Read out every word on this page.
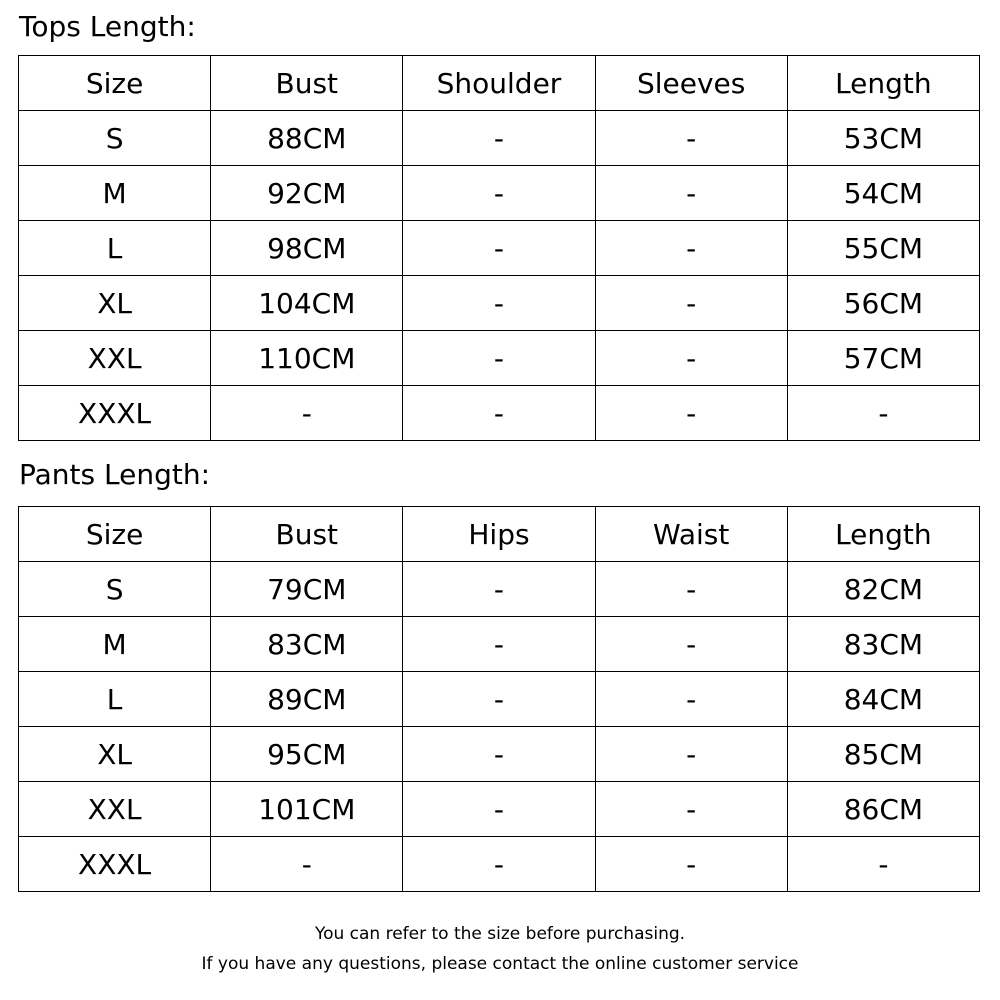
Tops Length:
Size	Bust	Shoulder	Sleeves	Length
S	88CM	-	-	53CM
M	92CM	-	-	54CM
L	98CM	-	-	55CM
XL	104CM	-	-	56CM
XXL	110CM	-	-	57CM
XXXL	-	-	-	-
Pants Length:
Size	Bust	Hips	Waist	Length
S	79CM	-	-	82CM
M	83CM	-	-	83CM
L	89CM	-	-	84CM
XL	95CM	-	-	85CM
XXL	101CM	-	-	86CM
XXXL	-	-	-	-
You can refer to the size before purchasing.
If you have any questions, please contact the online customer service
